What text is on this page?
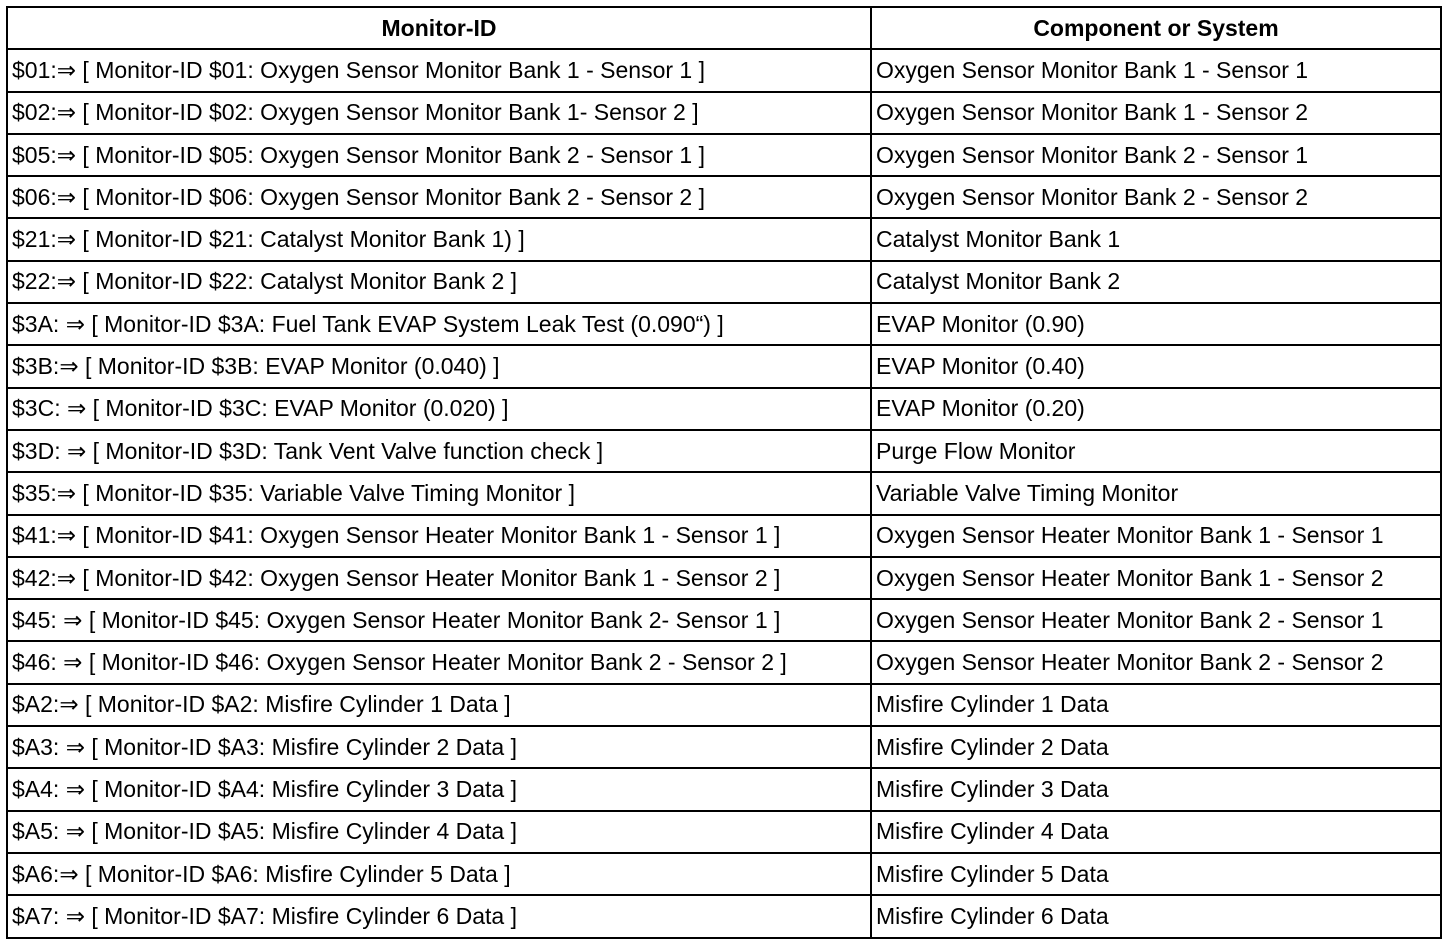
Monitor-ID	Component or System
$01:⇒ [ Monitor-ID $01: Oxygen Sensor Monitor Bank 1 - Sensor 1 ]	Oxygen Sensor Monitor Bank 1 - Sensor 1
$02:⇒ [ Monitor-ID $02: Oxygen Sensor Monitor Bank 1- Sensor 2 ]	Oxygen Sensor Monitor Bank 1 - Sensor 2
$05:⇒ [ Monitor-ID $05: Oxygen Sensor Monitor Bank 2 - Sensor 1 ]	Oxygen Sensor Monitor Bank 2 - Sensor 1
$06:⇒ [ Monitor-ID $06: Oxygen Sensor Monitor Bank 2 - Sensor 2 ]	Oxygen Sensor Monitor Bank 2 - Sensor 2
$21:⇒ [ Monitor-ID $21: Catalyst Monitor Bank 1) ]	Catalyst Monitor Bank 1
$22:⇒ [ Monitor-ID $22: Catalyst Monitor Bank 2 ]	Catalyst Monitor Bank 2
$3A: ⇒ [ Monitor-ID $3A: Fuel Tank EVAP System Leak Test (0.090“) ]	EVAP Monitor (0.90)
$3B:⇒ [ Monitor-ID $3B: EVAP Monitor (0.040) ]	EVAP Monitor (0.40)
$3C: ⇒ [ Monitor-ID $3C: EVAP Monitor (0.020) ]	EVAP Monitor (0.20)
$3D: ⇒ [ Monitor-ID $3D: Tank Vent Valve function check ]	Purge Flow Monitor
$35:⇒ [ Monitor-ID $35: Variable Valve Timing Monitor ]	Variable Valve Timing Monitor
$41:⇒ [ Monitor-ID $41: Oxygen Sensor Heater Monitor Bank 1 - Sensor 1 ]	Oxygen Sensor Heater Monitor Bank 1 - Sensor 1
$42:⇒ [ Monitor-ID $42: Oxygen Sensor Heater Monitor Bank 1 - Sensor 2 ]	Oxygen Sensor Heater Monitor Bank 1 - Sensor 2
$45: ⇒ [ Monitor-ID $45: Oxygen Sensor Heater Monitor Bank 2- Sensor 1 ]	Oxygen Sensor Heater Monitor Bank 2 - Sensor 1
$46: ⇒ [ Monitor-ID $46: Oxygen Sensor Heater Monitor Bank 2 - Sensor 2 ]	Oxygen Sensor Heater Monitor Bank 2 - Sensor 2
$A2:⇒ [ Monitor-ID $A2: Misfire Cylinder 1 Data ]	Misfire Cylinder 1 Data
$A3: ⇒ [ Monitor-ID $A3: Misfire Cylinder 2 Data ]	Misfire Cylinder 2 Data
$A4: ⇒ [ Monitor-ID $A4: Misfire Cylinder 3 Data ]	Misfire Cylinder 3 Data
$A5: ⇒ [ Monitor-ID $A5: Misfire Cylinder 4 Data ]	Misfire Cylinder 4 Data
$A6:⇒ [ Monitor-ID $A6: Misfire Cylinder 5 Data ]	Misfire Cylinder 5 Data
$A7: ⇒ [ Monitor-ID $A7: Misfire Cylinder 6 Data ]	Misfire Cylinder 6 Data
